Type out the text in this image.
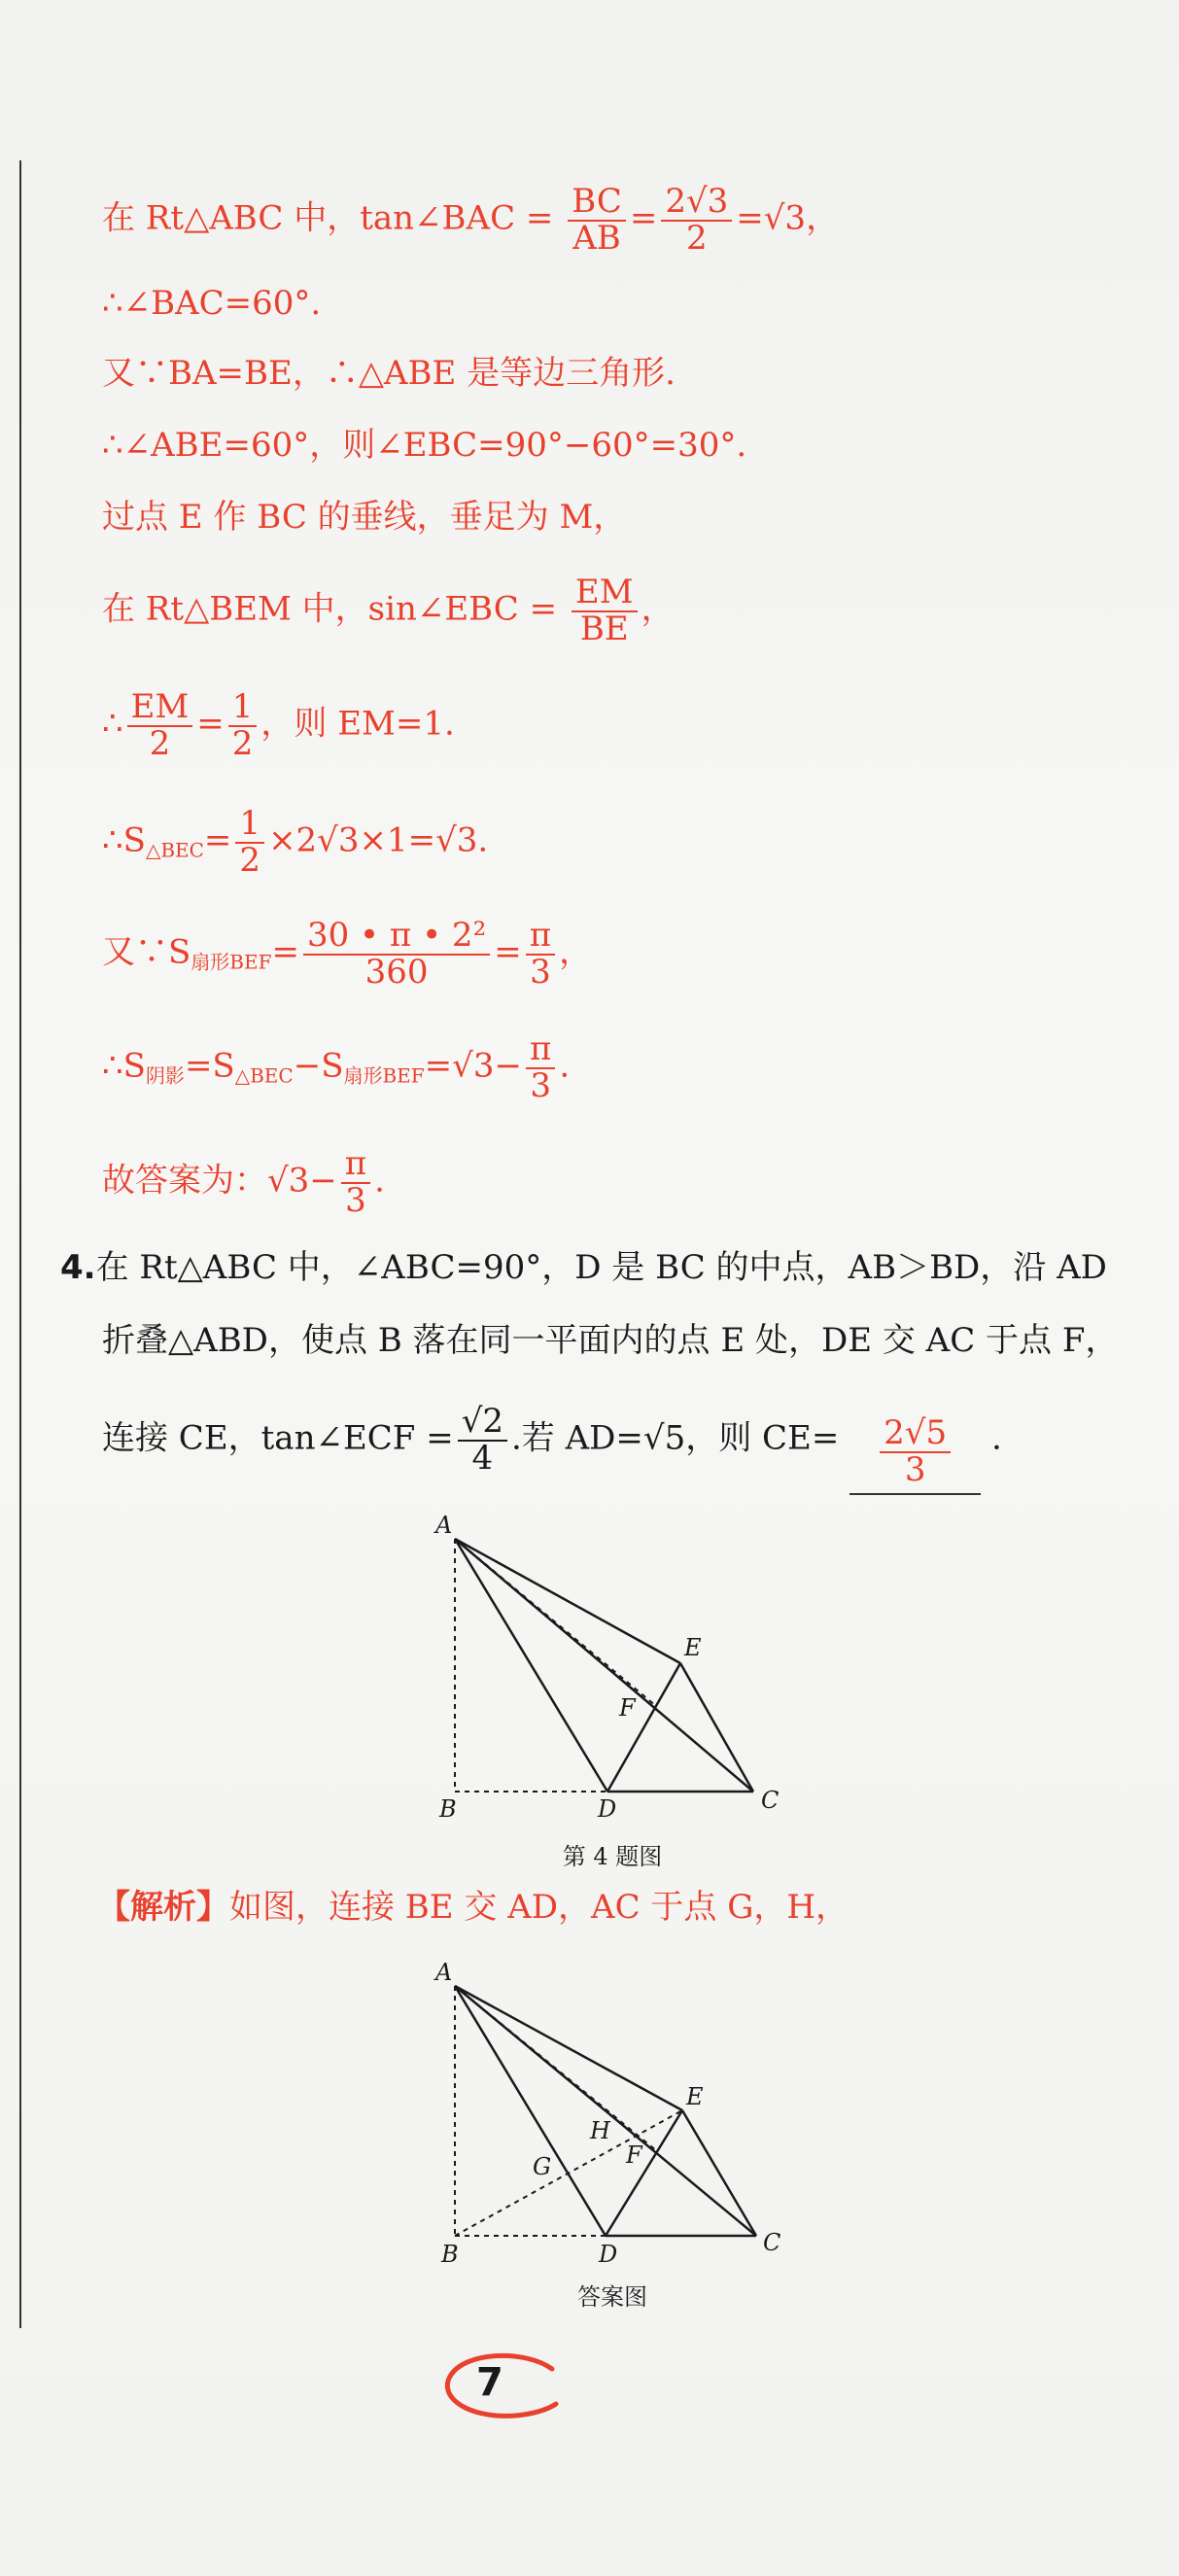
在 Rt△ABC 中，tan∠BAC = $\frac{BC}{AB} = \frac{2√3}{2} =√3$，
∴∠BAC=60°.
又∵BA=BE，∴△ABE 是等边三角形.
∴∠ABE=60°，则∠EBC=90°−60°=30°.
过点 E 作 BC 的垂线，垂足为 M，
在 Rt△BEM 中，sin∠EBC = $\frac{EM}{BE}$ ，
∴ $\frac{EM}{2} = \frac{1}{2}$ ，则 EM=1.
$\therefore S_{\triangle BEC}= \frac{1}{2} \times 2√3\times 1=√3$.
又$\because S_{扇形BEF}= \frac{\text{30 • π • 2²}}{360} = \frac{\pi}{3}$ ，
$\therefore S_{阴影}=S_{\triangle BEC}-S_{扇形BEF}=√3- \frac{\pi}{3}$ .
故答案为：$√3- \frac{\pi}{3}$ .
4.在 Rt△ABC 中，∠ABC=90°，D 是 BC 的中点，AB＞BD，沿 AD
折叠△ABD，使点 B 落在同一平面内的点 E 处，DE 交 AC 于点 F，
连接 CE，tan∠ECF = $\frac{√2}{4}$ .若 AD=√5，则 $CE= \frac{2√5}{3}$ .
A
B	C
D
E
F
第 4 题图
【解析】如图，连接 BE 交 AD，AC 于点 G，H，
A
B	C
D
E
F
G
H
答案图
7
